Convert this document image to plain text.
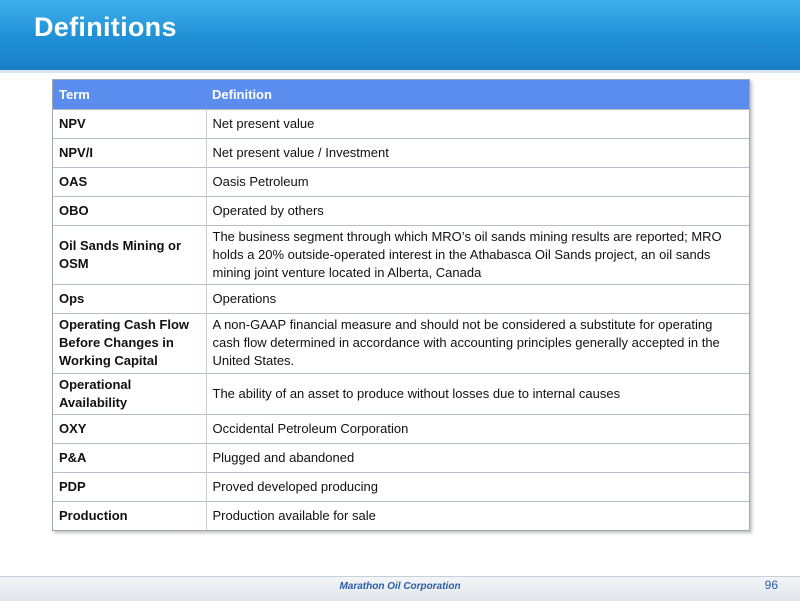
Definitions
Term	Definition
NPV	Net present value
NPV/I	Net present value / Investment
OAS	Oasis Petroleum
OBO	Operated by others
Oil Sands Mining or OSM	The business segment through which MRO’s oil sands mining results are reported; MRO holds a 20% outside-operated interest in the Athabasca Oil Sands project, an oil sands mining joint venture located in Alberta, Canada
Ops	Operations
Operating Cash Flow Before Changes in Working Capital	A non-GAAP financial measure and should not be considered a substitute for operating cash flow determined in accordance with accounting principles generally accepted in the United States.
Operational Availability	The ability of an asset to produce without losses due to internal causes
OXY	Occidental Petroleum Corporation
P&A	Plugged and abandoned
PDP	Proved developed producing
Production	Production available for sale
Marathon Oil Corporation	96
